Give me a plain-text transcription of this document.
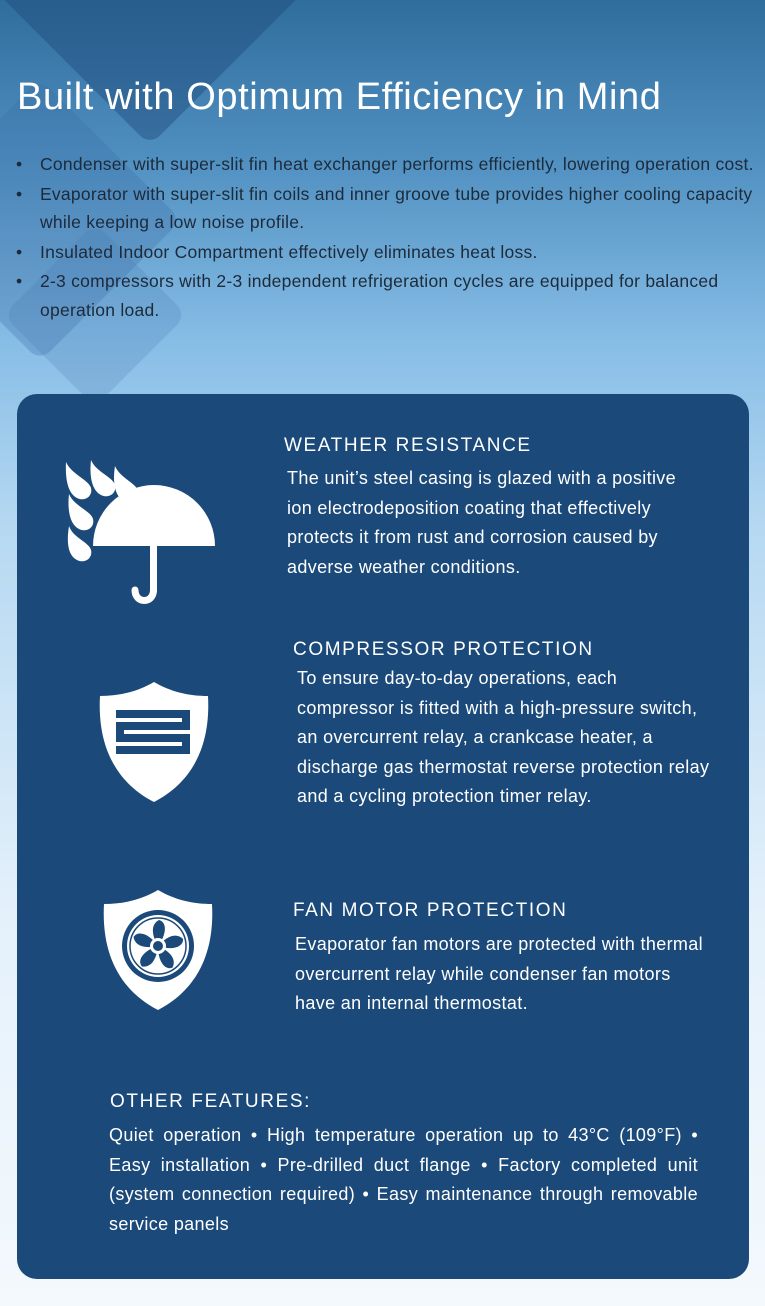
Built with Optimum Efficiency in Mind
• Condenser with super-slit fin heat exchanger performs efficiently, lowering operation cost.
• Evaporator with super-slit fin coils and inner groove tube provides higher cooling capacity while keeping a low noise profile.
• Insulated Indoor Compartment effectively eliminates heat loss.
• 2-3 compressors with 2-3 independent refrigeration cycles are equipped for balanced operation load.
WEATHER RESISTANCE

The unit’s steel casing is glazed with a positive ion electrodeposition coating that effectively protects it from rust and corrosion caused by adverse weather conditions.

COMPRESSOR PROTECTION

To ensure day-to-day operations, each compressor is fitted with a high-pressure switch, an overcurrent relay, a crankcase heater, a discharge gas thermostat reverse protection relay and a cycling protection timer relay.

FAN MOTOR PROTECTION

Evaporator fan motors are protected with thermal overcurrent relay while condenser fan motors have an internal thermostat.

OTHER FEATURES:

Quiet operation • High temperature operation up to 43°C (109°F) • Easy installation • Pre-drilled duct flange • Factory completed unit (system connection required) • Easy maintenance through removable service panels
